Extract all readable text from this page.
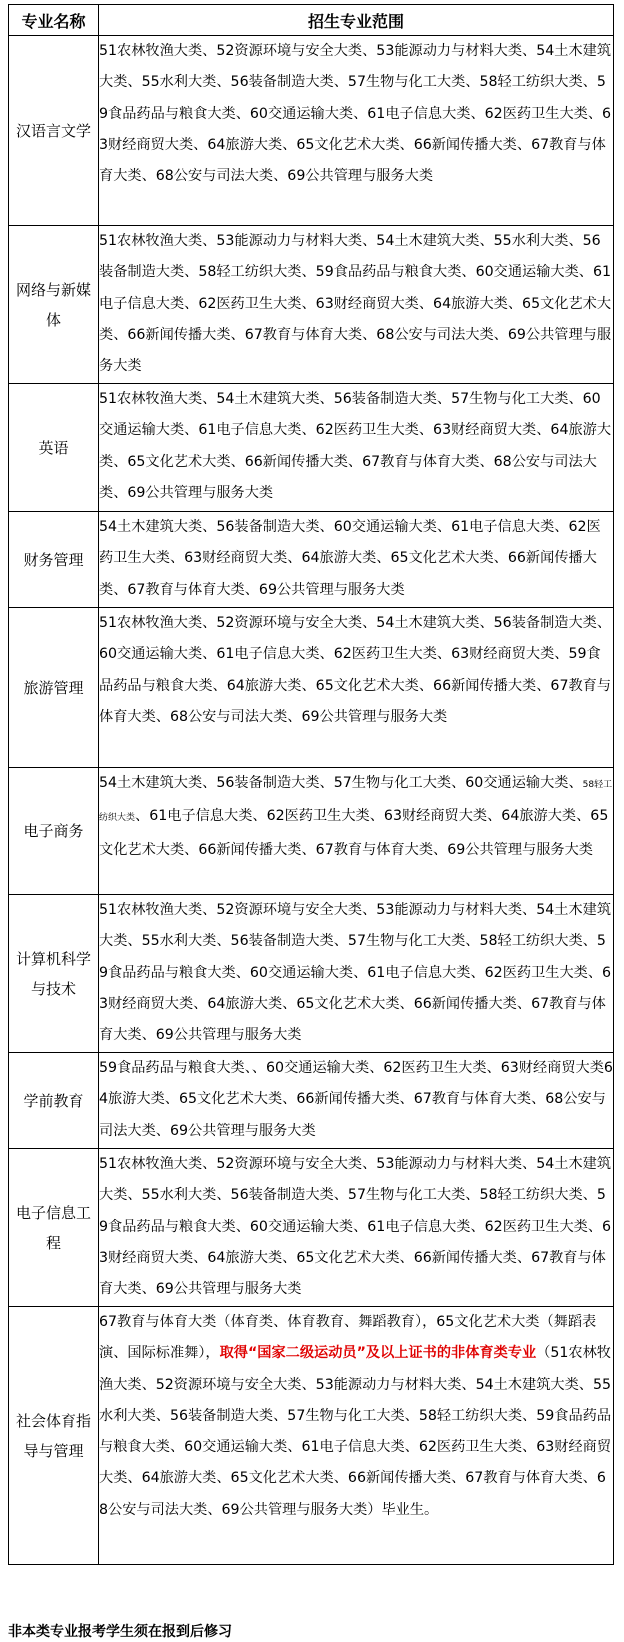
专业名称	招生专业范围
汉语言文学	51农林牧渔大类、52资源环境与安全大类、53能源动力与材料大类、54土木建筑大类、55水利大类、56装备制造大类、57生物与化工大类、58轻工纺织大类、59食品药品与粮食大类、60交通运输大类、61电子信息大类、62医药卫生大类、63财经商贸大类、64旅游大类、65文化艺术大类、66新闻传播大类、67教育与体育大类、68公安与司法大类、69公共管理与服务大类
网络与新媒体	51农林牧渔大类、53能源动力与材料大类、54土木建筑大类、55水利大类、56装备制造大类、58轻工纺织大类、59食品药品与粮食大类、60交通运输大类、61电子信息大类、62医药卫生大类、63财经商贸大类、64旅游大类、65文化艺术大类、66新闻传播大类、67教育与体育大类、68公安与司法大类、69公共管理与服务大类
英语	51农林牧渔大类、54土木建筑大类、56装备制造大类、57生物与化工大类、60交通运输大类、61电子信息大类、62医药卫生大类、63财经商贸大类、64旅游大类、65文化艺术大类、66新闻传播大类、67教育与体育大类、68公安与司法大类、69公共管理与服务大类
财务管理	54土木建筑大类、56装备制造大类、60交通运输大类、61电子信息大类、62医药卫生大类、63财经商贸大类、64旅游大类、65文化艺术大类、66新闻传播大类、67教育与体育大类、69公共管理与服务大类
旅游管理	51农林牧渔大类、52资源环境与安全大类、54土木建筑大类、56装备制造大类、60交通运输大类、61电子信息大类、62医药卫生大类、63财经商贸大类、59食品药品与粮食大类、64旅游大类、65文化艺术大类、66新闻传播大类、67教育与体育大类、68公安与司法大类、69公共管理与服务大类
电子商务	54土木建筑大类、56装备制造大类、57生物与化工大类、60交通运输大类、58轻工纺织大类、61电子信息大类、62医药卫生大类、63财经商贸大类、64旅游大类、65文化艺术大类、66新闻传播大类、67教育与体育大类、69公共管理与服务大类
计算机科学与技术	51农林牧渔大类、52资源环境与安全大类、53能源动力与材料大类、54土木建筑大类、55水利大类、56装备制造大类、57生物与化工大类、58轻工纺织大类、59食品药品与粮食大类、60交通运输大类、61电子信息大类、62医药卫生大类、63财经商贸大类、64旅游大类、65文化艺术大类、66新闻传播大类、67教育与体育大类、69公共管理与服务大类
学前教育	59食品药品与粮食大类、、60交通运输大类、62医药卫生大类、63财经商贸大类64旅游大类、65文化艺术大类、66新闻传播大类、67教育与体育大类、68公安与司法大类、69公共管理与服务大类
电子信息工程	51农林牧渔大类、52资源环境与安全大类、53能源动力与材料大类、54土木建筑大类、55水利大类、56装备制造大类、57生物与化工大类、58轻工纺织大类、59食品药品与粮食大类、60交通运输大类、61电子信息大类、62医药卫生大类、63财经商贸大类、64旅游大类、65文化艺术大类、66新闻传播大类、67教育与体育大类、69公共管理与服务大类
社会体育指导与管理	67教育与体育大类（体育类、体育教育、舞蹈教育），65文化艺术大类（舞蹈表演、国际标准舞），取得“国家二级运动员”及以上证书的非体育类专业（51农林牧渔大类、52资源环境与安全大类、53能源动力与材料大类、54土木建筑大类、55水利大类、56装备制造大类、57生物与化工大类、58轻工纺织大类、59食品药品与粮食大类、60交通运输大类、61电子信息大类、62医药卫生大类、63财经商贸大类、64旅游大类、65文化艺术大类、66新闻传播大类、67教育与体育大类、68公安与司法大类、69公共管理与服务大类）毕业生。
非本类专业报考学生须在报到后修习
